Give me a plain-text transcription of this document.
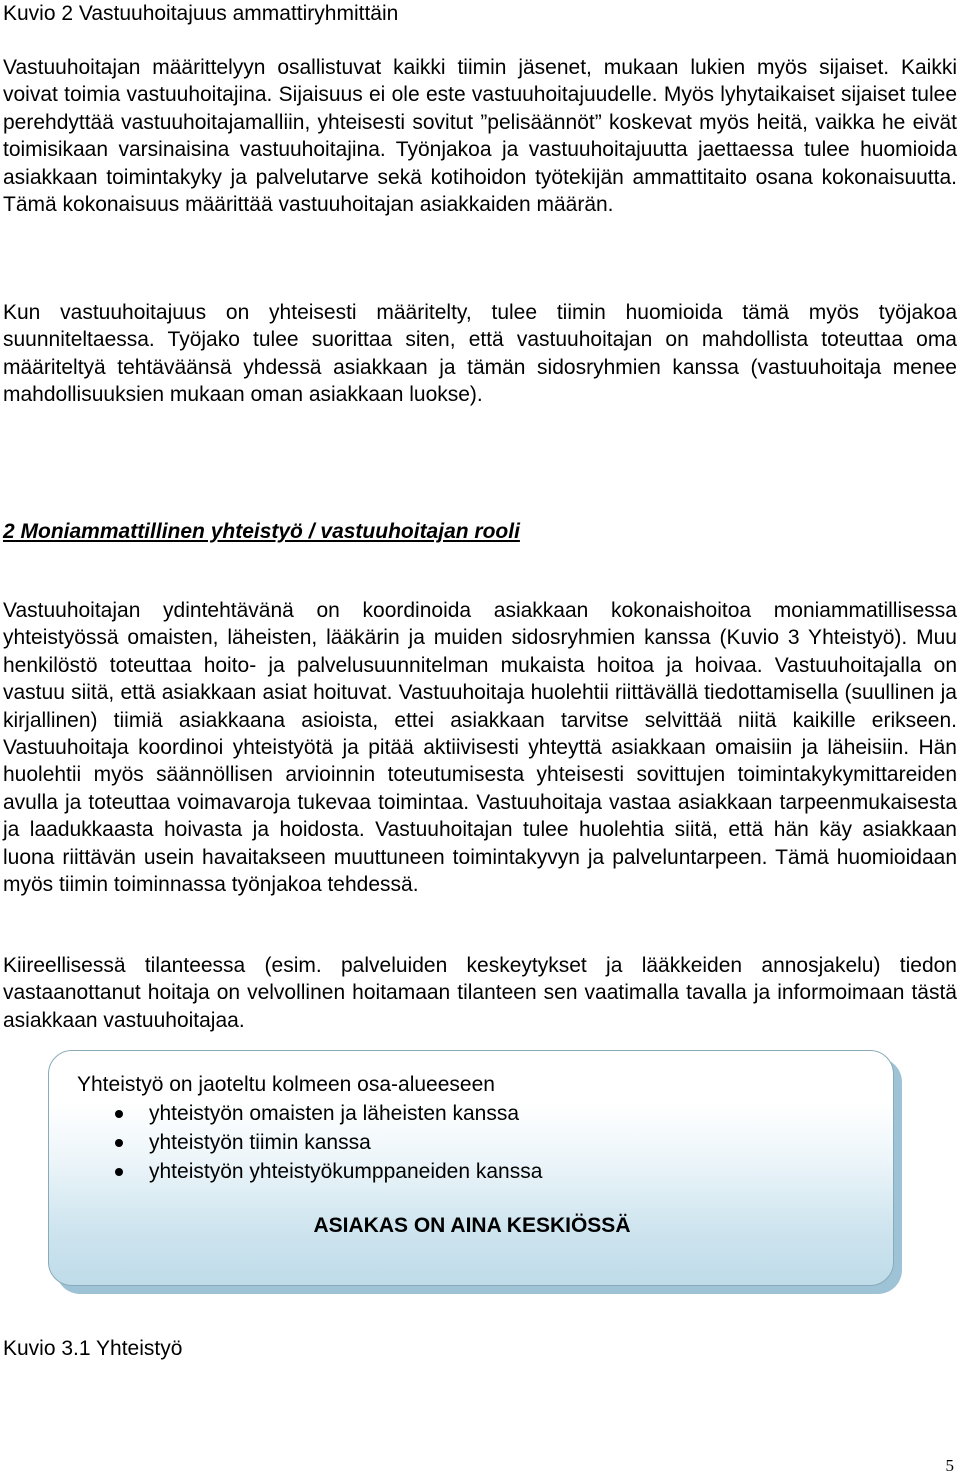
Kuvio 2 Vastuuhoitajuus ammattiryhmittäin

Vastuuhoitajan määrittelyyn osallistuvat kaikki tiimin jäsenet, mukaan lukien myös sijaiset. Kaikki voivat toimia vastuuhoitajina. Sijaisuus ei ole este vastuuhoitajuudelle. Myös lyhytaikaiset sijaiset tulee perehdyttää vastuuhoitajamalliin, yhteisesti sovitut ”pelisäännöt” koskevat myös heitä, vaikka he eivät toimisikaan varsinaisina vastuuhoitajina. Työnjakoa ja vastuuhoitajuutta jaettaessa tulee huomioida asiakkaan toimintakyky ja palvelutarve sekä kotihoidon työtekijän ammattitaito osana kokonaisuutta. Tämä kokonaisuus määrittää vastuuhoitajan asiakkaiden määrän.

Kun vastuuhoitajuus on yhteisesti määritelty, tulee tiimin huomioida tämä myös työjakoa suunniteltaessa. Työjako tulee suorittaa siten, että vastuuhoitajan on mahdollista toteuttaa oma määriteltyä tehtäväänsä yhdessä asiakkaan ja tämän sidosryhmien kanssa (vastuuhoitaja menee mahdollisuuksien mukaan oman asiakkaan luokse).

2 Moniammattillinen yhteistyö / vastuuhoitajan rooli

Vastuuhoitajan ydintehtävänä on koordinoida asiakkaan kokonaishoitoa moniammatillisessa yhteistyössä omaisten, läheisten, lääkärin ja muiden sidosryhmien kanssa (Kuvio 3 Yhteistyö). Muu henkilöstö toteuttaa hoito- ja palvelusuunnitelman mukaista hoitoa ja hoivaa. Vastuuhoitajalla on vastuu siitä, että asiakkaan asiat hoituvat. Vastuuhoitaja huolehtii riittävällä tiedottamisella (suullinen ja kirjallinen) tiimiä asiakkaana asioista, ettei asiakkaan tarvitse selvittää niitä kaikille erikseen. Vastuuhoitaja koordinoi yhteistyötä ja pitää aktiivisesti yhteyttä asiakkaan omaisiin ja läheisiin. Hän huolehtii myös säännöllisen arvioinnin toteutumisesta yhteisesti sovittujen toimintakykymittareiden avulla ja toteuttaa voimavaroja tukevaa toimintaa. Vastuuhoitaja vastaa asiakkaan tarpeenmukaisesta ja laadukkaasta hoivasta ja hoidosta. Vastuuhoitajan tulee huolehtia siitä, että hän käy asiakkaan luona riittävän usein havaitakseen muuttuneen toimintakyvyn ja palveluntarpeen. Tämä huomioidaan myös tiimin toiminnassa työnjakoa tehdessä.

Kiireellisessä tilanteessa (esim. palveluiden keskeytykset ja lääkkeiden annosjakelu) tiedon vastaanottanut hoitaja on velvollinen hoitamaan tilanteen sen vaatimalla tavalla ja informoimaan tästä asiakkaan vastuuhoitajaa.

Yhteistyö on jaoteltu kolmeen osa-alueeseen
yhteistyön omaisten ja läheisten kanssa
yhteistyön tiimin kanssa
yhteistyön yhteistyökumppaneiden kanssa
ASIAKAS ON AINA KESKIÖSSÄ

Kuvio 3.1 Yhteistyö

5
